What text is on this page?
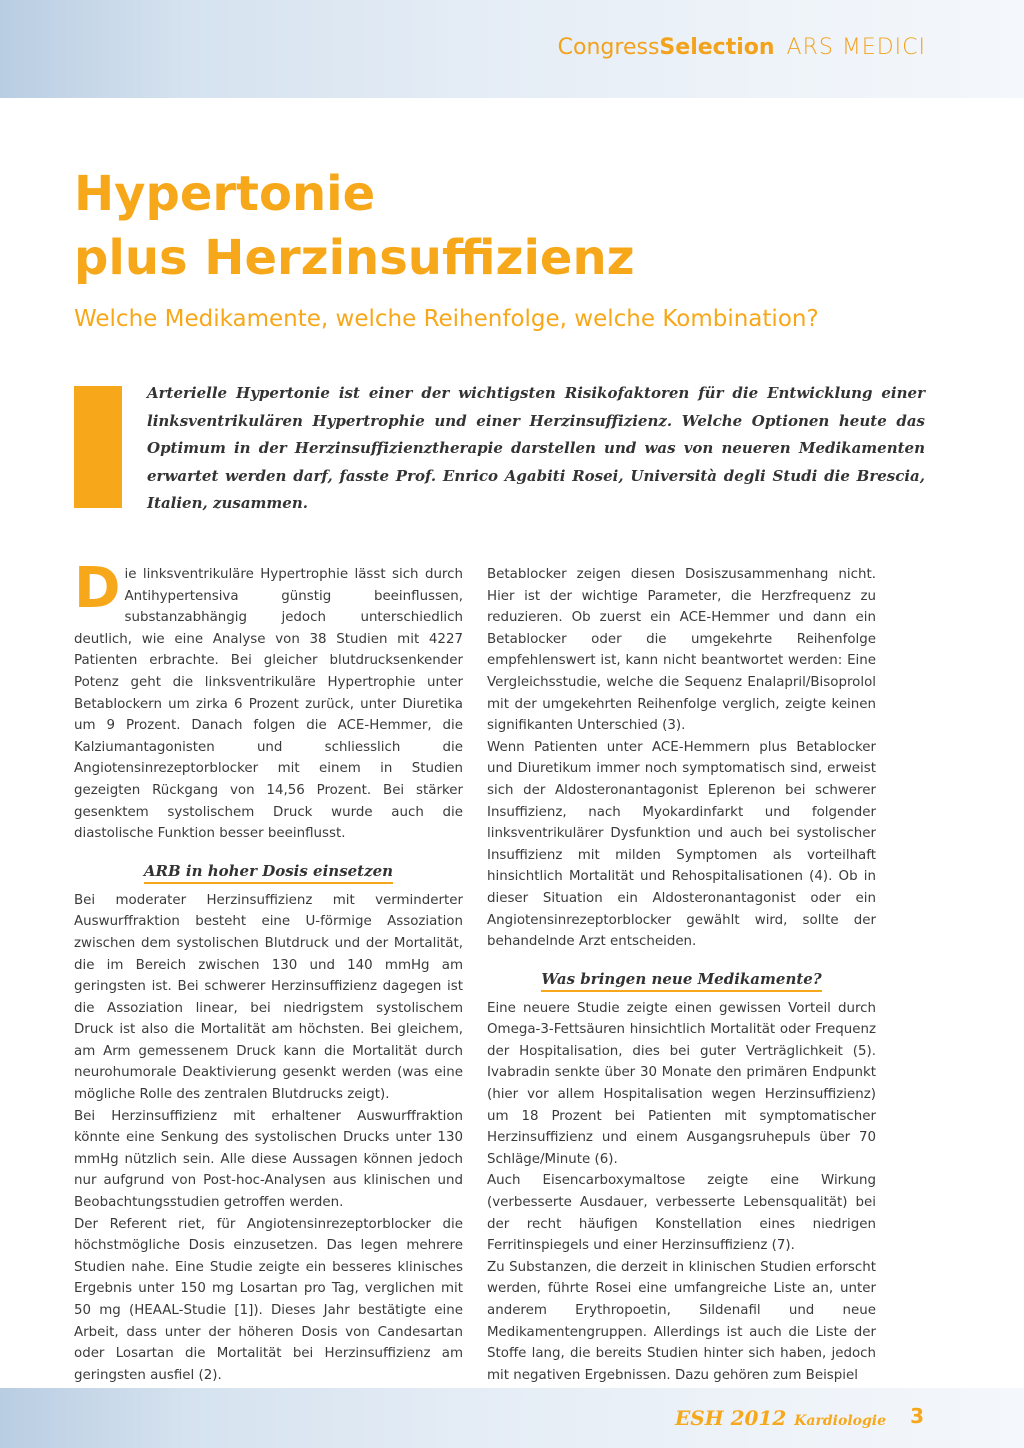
CongressSelection ARS MEDICI
Hypertonie
plus Herzinsuffizienz

Welche Medikamente, welche Reihenfolge, welche Kombination?

Arterielle Hypertonie ist einer der wichtigsten Risikofaktoren für die Entwicklung einer linksventrikulären Hypertrophie und einer Herzinsuffizienz. Welche Optionen heute das Optimum in der Herzinsuffizienztherapie darstellen und was von neueren Medikamenten erwartet werden darf, fasste Prof. Enrico Agabiti Rosei, Università degli Studi die Brescia, Italien, zusammen.

Die linksventrikuläre Hypertrophie lässt sich durch Antihypertensiva günstig beeinflussen, substanzabhängig jedoch unterschiedlich deutlich, wie eine Analyse von 38 Studien mit 4227 Patienten erbrachte. Bei gleicher blutdrucksenkender Potenz geht die linksventrikuläre Hypertrophie unter Betablockern um zirka 6 Prozent zurück, unter Diuretika um 9 Prozent. Danach folgen die ACE-Hemmer, die Kalziumantagonisten und schliesslich die Angiotensinrezeptorblocker mit einem in Studien gezeigten Rückgang von 14,56 Prozent. Bei stärker gesenktem systolischem Druck wurde auch die diastolische Funktion besser beeinflusst.

ARB in hoher Dosis einsetzen

Bei moderater Herzinsuffizienz mit verminderter Auswurffraktion besteht eine U-förmige Assoziation zwischen dem systolischen Blutdruck und der Mortalität, die im Bereich zwischen 130 und 140 mmHg am geringsten ist. Bei schwerer Herzinsuffizienz dagegen ist die Assoziation linear, bei niedrigstem systolischem Druck ist also die Mortalität am höchsten. Bei gleichem, am Arm gemessenem Druck kann die Mortalität durch neurohumorale Deaktivierung gesenkt werden (was eine mögliche Rolle des zentralen Blutdrucks zeigt).

Bei Herzinsuffizienz mit erhaltener Auswurffraktion könnte eine Senkung des systolischen Drucks unter 130 mmHg nützlich sein. Alle diese Aussagen können jedoch nur aufgrund von Post-hoc-Analysen aus klinischen und Beobachtungsstudien getroffen werden.

Der Referent riet, für Angiotensinrezeptorblocker die höchstmögliche Dosis einzusetzen. Das legen mehrere Studien nahe. Eine Studie zeigte ein besseres klinisches Ergebnis unter 150 mg Losartan pro Tag, verglichen mit 50 mg (HEAAL-Studie [1]). Dieses Jahr bestätigte eine Arbeit, dass unter der höheren Dosis von Candesartan oder Losartan die Mortalität bei Herzinsuffizienz am geringsten ausfiel (2).

Betablocker zeigen diesen Dosiszusammenhang nicht. Hier ist der wichtige Parameter, die Herzfrequenz zu reduzieren. Ob zuerst ein ACE-Hemmer und dann ein Betablocker oder die umgekehrte Reihenfolge empfehlenswert ist, kann nicht beantwortet werden: Eine Vergleichsstudie, welche die Sequenz Enalapril/Bisoprolol mit der umgekehrten Reihenfolge verglich, zeigte keinen signifikanten Unterschied (3).

Wenn Patienten unter ACE-Hemmern plus Betablocker und Diuretikum immer noch symptomatisch sind, erweist sich der Aldosteronantagonist Eplerenon bei schwerer Insuffizienz, nach Myokardinfarkt und folgender linksventrikulärer Dysfunktion und auch bei systolischer Insuffizienz mit milden Symptomen als vorteilhaft hinsichtlich Mortalität und Rehospitalisationen (4). Ob in dieser Situation ein Aldosteronantagonist oder ein Angiotensinrezeptorblocker gewählt wird, sollte der behandelnde Arzt entscheiden.

Was bringen neue Medikamente?

Eine neuere Studie zeigte einen gewissen Vorteil durch Omega-3-Fettsäuren hinsichtlich Mortalität oder Frequenz der Hospitalisation, dies bei guter Verträglichkeit (5). Ivabradin senkte über 30 Monate den primären Endpunkt (hier vor allem Hospitalisation wegen Herzinsuffizienz) um 18 Prozent bei Patienten mit symptomatischer Herzinsuffizienz und einem Ausgangsruhepuls über 70 Schläge/Minute (6).

Auch Eisencarboxymaltose zeigte eine Wirkung (verbesserte Ausdauer, verbesserte Lebensqualität) bei der recht häufigen Konstellation eines niedrigen Ferritinspiegels und einer Herzinsuffizienz (7).

Zu Substanzen, die derzeit in klinischen Studien erforscht werden, führte Rosei eine umfangreiche Liste an, unter anderem Erythropoetin, Sildenafil und neue Medikamentengruppen. Allerdings ist auch die Liste der Stoffe lang, die bereits Studien hinter sich haben, jedoch mit negativen Ergebnissen. Dazu gehören zum Beispiel

ESH 2012 Kardiologie 3
